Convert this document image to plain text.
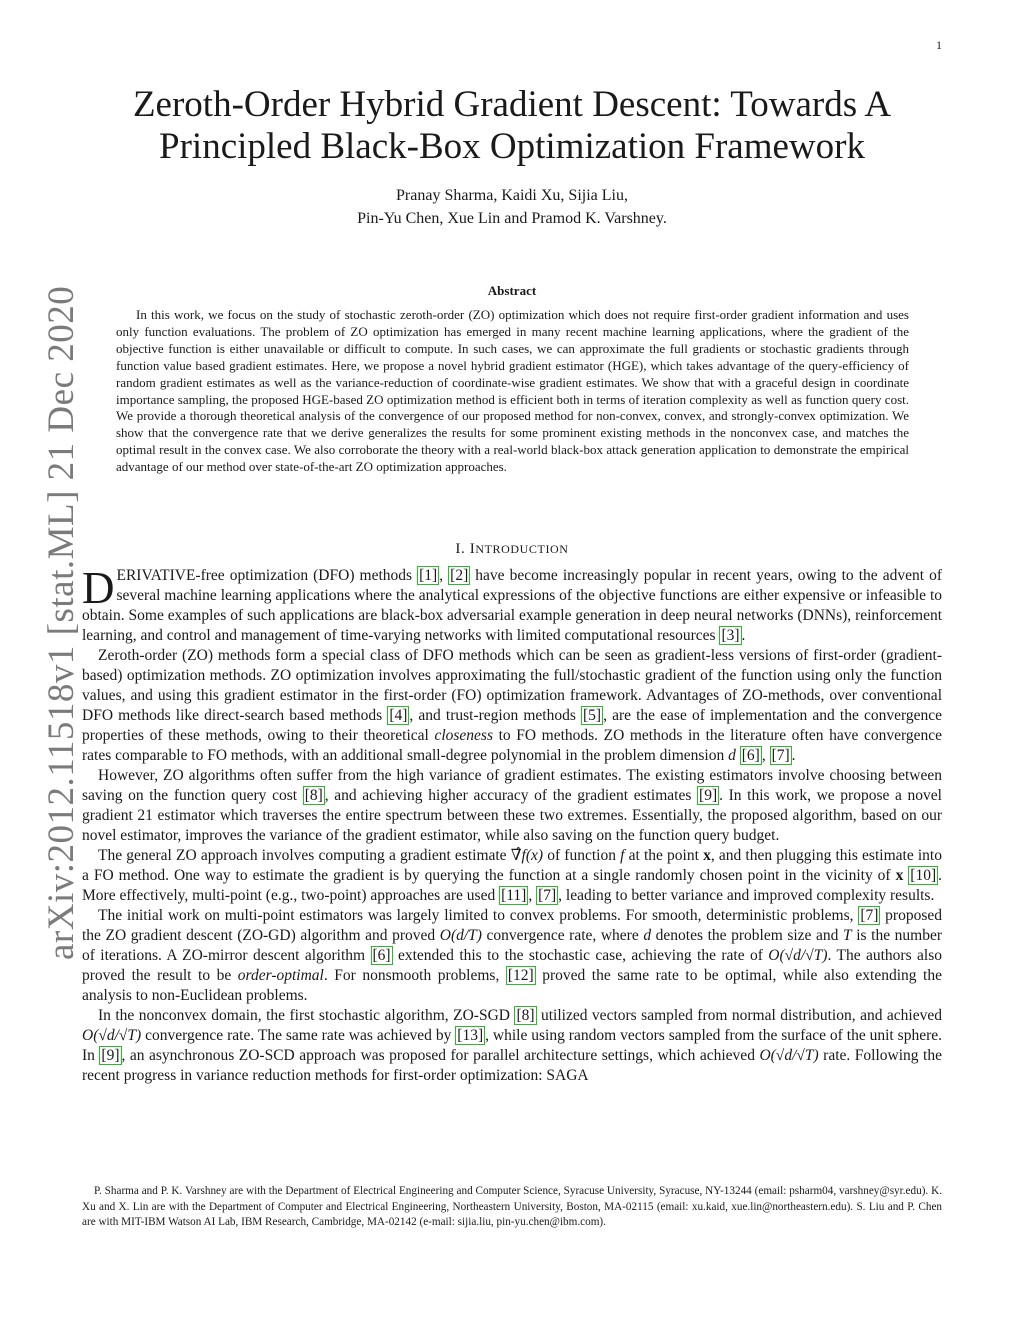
1
arXiv:2012.11518v1 [stat.ML] 21 Dec 2020
Zeroth-Order Hybrid Gradient Descent: Towards A
Principled Black-Box Optimization Framework
Pranay Sharma, Kaidi Xu, Sijia Liu,
Pin-Yu Chen, Xue Lin and Pramod K. Varshney.
Abstract
In this work, we focus on the study of stochastic zeroth-order (ZO) optimization which does not require first-order gradient information and uses only function evaluations. The problem of ZO optimization has emerged in many recent machine learning applications, where the gradient of the objective function is either unavailable or difficult to compute. In such cases, we can approximate the full gradients or stochastic gradients through function value based gradient estimates. Here, we propose a novel hybrid gradient estimator (HGE), which takes advantage of the query-efficiency of random gradient estimates as well as the variance-reduction of coordinate-wise gradient estimates. We show that with a graceful design in coordinate importance sampling, the proposed HGE-based ZO optimization method is efficient both in terms of iteration complexity as well as function query cost. We provide a thorough theoretical analysis of the convergence of our proposed method for non-convex, convex, and strongly-convex optimization. We show that the convergence rate that we derive generalizes the results for some prominent existing methods in the nonconvex case, and matches the optimal result in the convex case. We also corroborate the theory with a real-world black-box attack generation application to demonstrate the empirical advantage of our method over state-of-the-art ZO optimization approaches.
I. INTRODUCTION

DERIVATIVE-free optimization (DFO) methods [1] , [2] have become increasingly popular in recent years, owing to the advent of several machine learning applications where the analytical expressions of the objective functions are either expensive or infeasible to obtain. Some examples of such applications are black-box adversarial example generation in deep neural networks (DNNs), reinforcement learning, and control and management of time-varying networks with limited computational resources [3] .

Zeroth-order (ZO) methods form a special class of DFO methods which can be seen as gradient-less versions of first-order (gradient-based) optimization methods. ZO optimization involves approximating the full/stochastic gradient of the function using only the function values, and using this gradient estimator in the first-order (FO) optimization framework. Advantages of ZO-methods, over conventional DFO methods like direct-search based methods [4] , and trust-region methods [5] , are the ease of implementation and the convergence properties of these methods, owing to their theoretical closeness to FO methods. ZO methods in the literature often have convergence rates comparable to FO methods, with an additional small-degree polynomial in the problem dimension d [6] , [7] .

However, ZO algorithms often suffer from the high variance of gradient estimates. The existing estimators involve choosing between saving on the function query cost [8] , and achieving higher accuracy of the gradient estimates [9] . In this work, we propose a novel gradient 21 estimator which traverses the entire spectrum between these two extremes. Essentially, the proposed algorithm, based on our novel estimator, improves the variance of the gradient estimator, while also saving on the function query budget.

The general ZO approach involves computing a gradient estimate ∇̂f(x) of function f at the point x, and then plugging this estimate into a FO method. One way to estimate the gradient is by querying the function at a single randomly chosen point in the vicinity of x [10] . More effectively, multi-point (e.g., two-point) approaches are used [11] , [7] , leading to better variance and improved complexity results.

The initial work on multi-point estimators was largely limited to convex problems. For smooth, deterministic problems, [7] proposed the ZO gradient descent (ZO-GD) algorithm and proved O(d/T) convergence rate, where d denotes the problem size and T is the number of iterations. A ZO-mirror descent algorithm [6] extended this to the stochastic case, achieving the rate of O(√d/√T). The authors also proved the result to be order-optimal. For nonsmooth problems, [12] proved the same rate to be optimal, while also extending the analysis to non-Euclidean problems.

In the nonconvex domain, the first stochastic algorithm, ZO-SGD [8] utilized vectors sampled from normal distribution, and achieved O(√d/√T) convergence rate. The same rate was achieved by [13] , while using random vectors sampled from the surface of the unit sphere. In [9] , an asynchronous ZO-SCD approach was proposed for parallel architecture settings, which achieved O(√d/√T) rate. Following the recent progress in variance reduction methods for first-order optimization: SAGA

P. Sharma and P. K. Varshney are with the Department of Electrical Engineering and Computer Science, Syracuse University, Syracuse, NY-13244 (email: psharm04, varshney@syr.edu). K. Xu and X. Lin are with the Department of Computer and Electrical Engineering, Northeastern University, Boston, MA-02115 (email: xu.kaid, xue.lin@northeastern.edu). S. Liu and P. Chen are with MIT-IBM Watson AI Lab, IBM Research, Cambridge, MA-02142 (e-mail: sijia.liu, pin-yu.chen@ibm.com).
